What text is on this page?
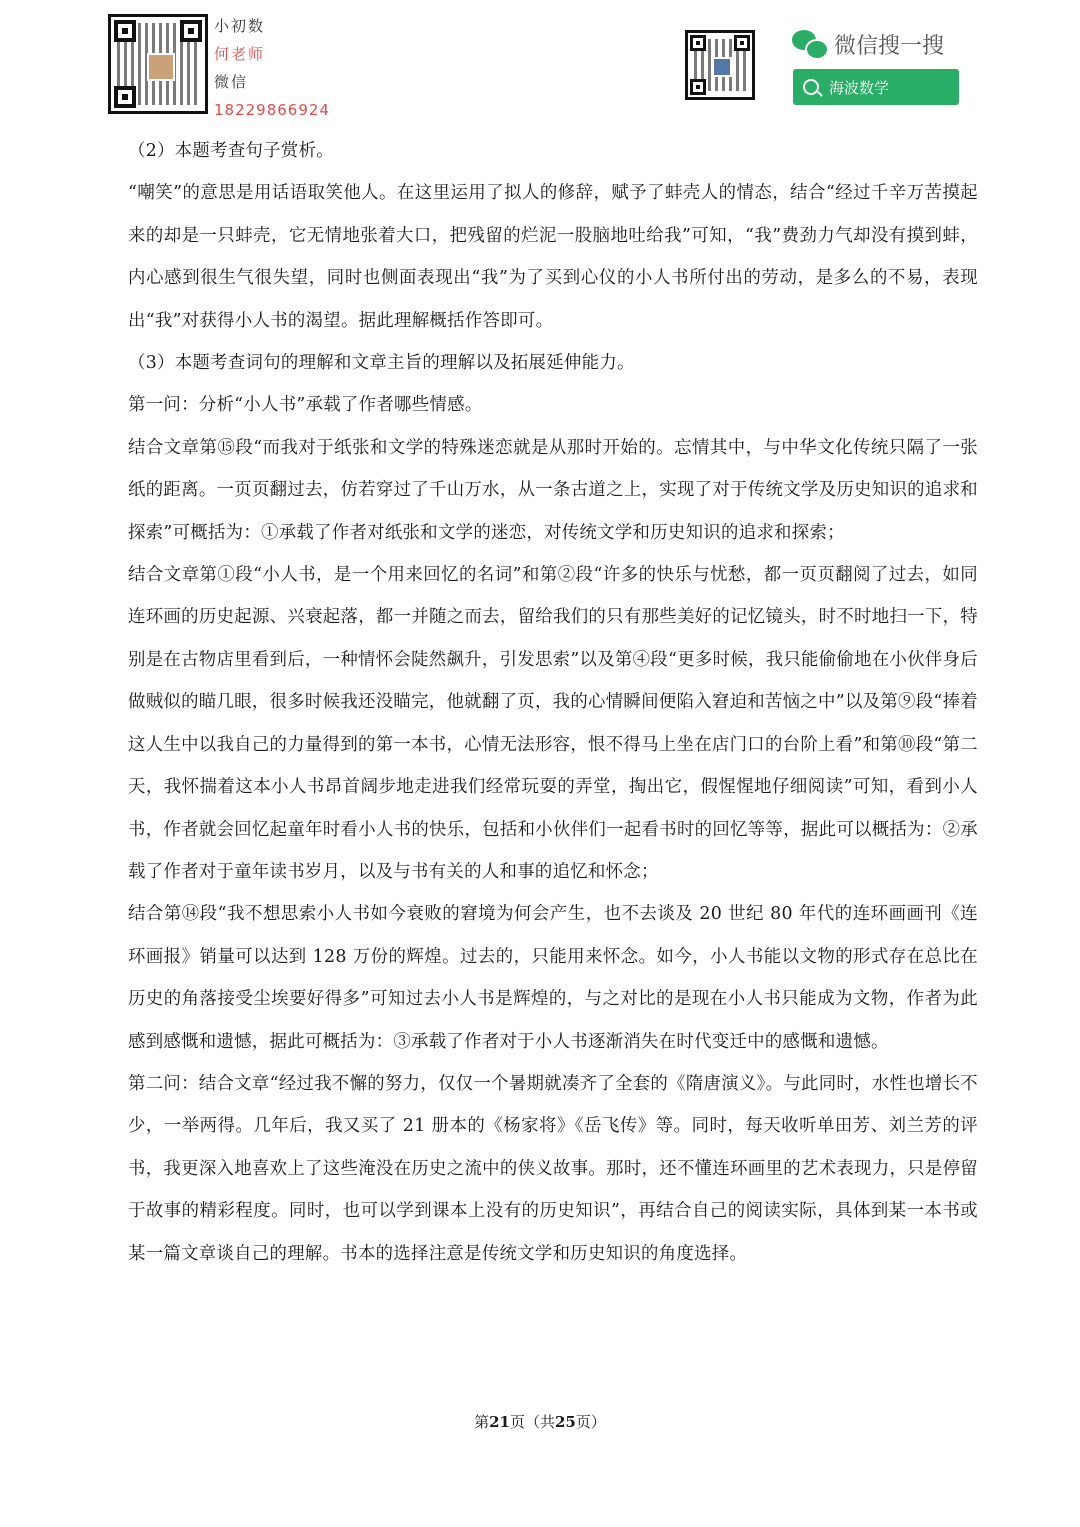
小初数
何老师
微信
18229866924
微信搜一搜
海波数学

（2）本题考查句子赏析。

“嘲笑”的意思是用话语取笑他人。在这里运用了拟人的修辞，赋予了蚌壳人的情态，结合“经过千辛万苦摸起来的却是一只蚌壳，它无情地张着大口，把残留的烂泥一股脑地吐给我”可知，“我”费劲力气却没有摸到蚌，内心感到很生气很失望，同时也侧面表现出“我”为了买到心仪的小人书所付出的劳动，是多么的不易，表现出“我”对获得小人书的渴望。据此理解概括作答即可。

（3）本题考查词句的理解和文章主旨的理解以及拓展延伸能力。

第一问：分析“小人书”承载了作者哪些情感。

结合文章第⑮段“而我对于纸张和文学的特殊迷恋就是从那时开始的。忘情其中，与中华文化传统只隔了一张纸的距离。一页页翻过去，仿若穿过了千山万水，从一条古道之上，实现了对于传统文学及历史知识的追求和探索”可概括为：①承载了作者对纸张和文学的迷恋，对传统文学和历史知识的追求和探索；

结合文章第①段“小人书，是一个用来回忆的名词”和第②段“许多的快乐与忧愁，都一页页翻阅了过去，如同连环画的历史起源、兴衰起落，都一并随之而去，留给我们的只有那些美好的记忆镜头，时不时地扫一下，特别是在古物店里看到后，一种情怀会陡然飙升，引发思索”以及第④段“更多时候，我只能偷偷地在小伙伴身后做贼似的瞄几眼，很多时候我还没瞄完，他就翻了页，我的心情瞬间便陷入窘迫和苦恼之中”以及第⑨段“捧着这人生中以我自己的力量得到的第一本书，心情无法形容，恨不得马上坐在店门口的台阶上看”和第⑩段“第二天，我怀揣着这本小人书昂首阔步地走进我们经常玩耍的弄堂，掏出它，假惺惺地仔细阅读”可知，看到小人书，作者就会回忆起童年时看小人书的快乐，包括和小伙伴们一起看书时的回忆等等，据此可以概括为：②承载了作者对于童年读书岁月，以及与书有关的人和事的追忆和怀念；

结合第⑭段“我不想思索小人书如今衰败的窘境为何会产生，也不去谈及 20 世纪 80 年代的连环画画刊《连环画报》销量可以达到 128 万份的辉煌。过去的，只能用来怀念。如今，小人书能以文物的形式存在总比在历史的角落接受尘埃要好得多”可知过去小人书是辉煌的，与之对比的是现在小人书只能成为文物，作者为此感到感慨和遗憾，据此可概括为：③承载了作者对于小人书逐渐消失在时代变迁中的感慨和遗憾。

第二问：结合文章“经过我不懈的努力，仅仅一个暑期就凑齐了全套的《隋唐演义》。与此同时，水性也增长不少，一举两得。几年后，我又买了 21 册本的《杨家将》《岳飞传》等。同时，每天收听单田芳、刘兰芳的评书，我更深入地喜欢上了这些淹没在历史之流中的侠义故事。那时，还不懂连环画里的艺术表现力，只是停留于故事的精彩程度。同时，也可以学到课本上没有的历史知识”，再结合自己的阅读实际，具体到某一本书或某一篇文章谈自己的理解。书本的选择注意是传统文学和历史知识的角度选择。

第21页（共25页）
